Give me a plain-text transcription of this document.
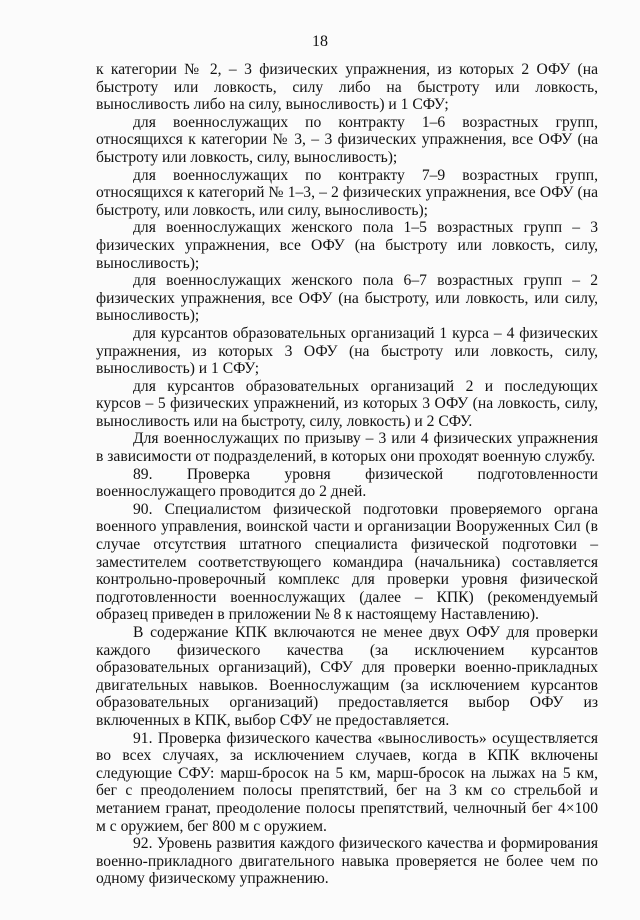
18

к категории № 2, – 3 физических упражнения, из которых 2 ОФУ (на быстроту или ловкость, силу либо на быстроту или ловкость, выносливость либо на силу, выносливость) и 1 СФУ;

для военнослужащих по контракту 1–6 возрастных групп, относящихся к категории № 3, – 3 физических упражнения, все ОФУ (на быстроту или ловкость, силу, выносливость);

для военнослужащих по контракту 7–9 возрастных групп, относящихся к категорий № 1–3, – 2 физических упражнения, все ОФУ (на быстроту, или ловкость, или силу, выносливость);

для военнослужащих женского пола 1–5 возрастных групп – 3 физических упражнения, все ОФУ (на быстроту или ловкость, силу, выносливость);

для военнослужащих женского пола 6–7 возрастных групп – 2 физических упражнения, все ОФУ (на быстроту, или ловкость, или силу, выносливость);

для курсантов образовательных организаций 1 курса – 4 физических упражнения, из которых 3 ОФУ (на быстроту или ловкость, силу, выносливость) и 1 СФУ;

для курсантов образовательных организаций 2 и последующих курсов – 5 физических упражнений, из которых 3 ОФУ (на ловкость, силу, выносливость или на быстроту, силу, ловкость) и 2 СФУ.

Для военнослужащих по призыву – 3 или 4 физических упражнения в зависимости от подразделений, в которых они проходят военную службу.

89. Проверка уровня физической подготовленности военнослужащего проводится до 2 дней.

90. Специалистом физической подготовки проверяемого органа военного управления, воинской части и организации Вооруженных Сил (в случае отсутствия штатного специалиста физической подготовки – заместителем соответствующего командира (начальника) составляется контрольно-проверочный комплекс для проверки уровня физической подготовленности военнослужащих (далее – КПК) (рекомендуемый образец приведен в приложении № 8 к настоящему Наставлению).

В содержание КПК включаются не менее двух ОФУ для проверки каждого физического качества (за исключением курсантов образовательных организаций), СФУ для проверки военно-прикладных двигательных навыков. Военнослужащим (за исключением курсантов образовательных организаций) предоставляется выбор ОФУ из включенных в КПК, выбор СФУ не предоставляется.

91. Проверка физического качества «выносливость» осуществляется во всех случаях, за исключением случаев, когда в КПК включены следующие СФУ: марш-бросок на 5 км, марш-бросок на лыжах на 5 км, бег с преодолением полосы препятствий, бег на 3 км со стрельбой и метанием гранат, преодоление полосы препятствий, челночный бег 4×100 м с оружием, бег 800 м с оружием.

92. Уровень развития каждого физического качества и формирования военно-прикладного двигательного навыка проверяется не более чем по одному физическому упражнению.
